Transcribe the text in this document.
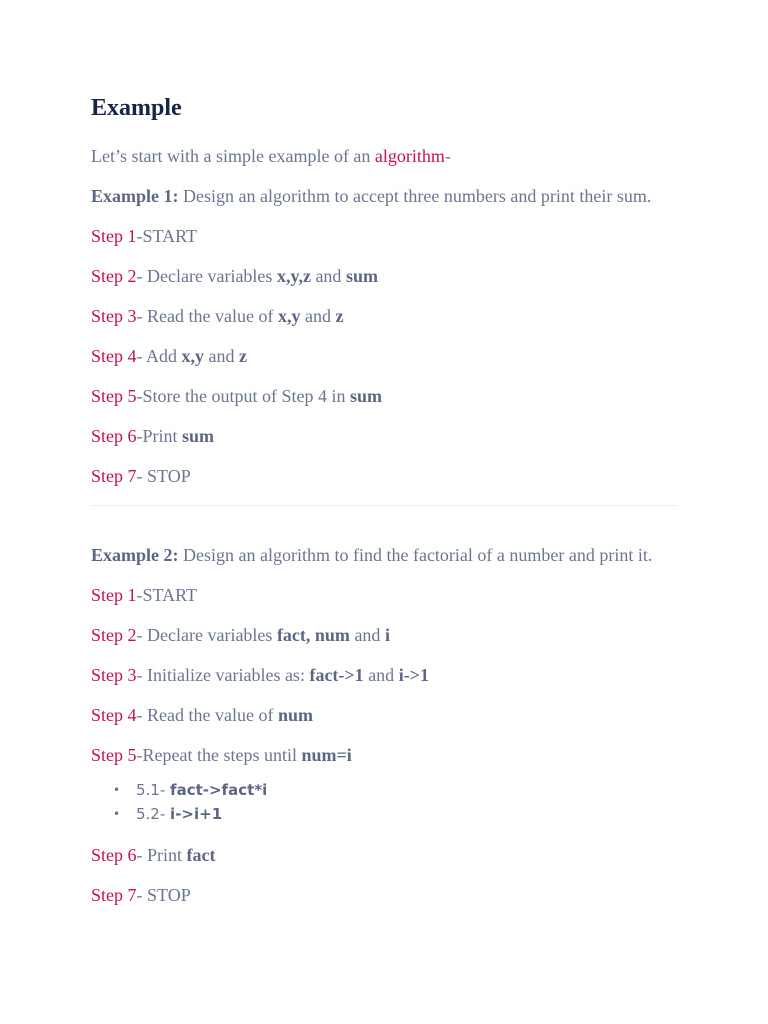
Example

Let’s start with a simple example of an algorithm-

Example 1: Design an algorithm to accept three numbers and print their sum.

Step 1-START

Step 2- Declare variables x,y,z and sum

Step 3- Read the value of x,y and z

Step 4- Add x,y and z

Step 5-Store the output of Step 4 in sum

Step 6-Print sum

Step 7- STOP

Example 2: Design an algorithm to find the factorial of a number and print it.

Step 1-START

Step 2- Declare variables fact, num and i

Step 3- Initialize variables as: fact->1 and i->1

Step 4- Read the value of num

Step 5-Repeat the steps until num=i

• 5.1- fact->fact*i
• 5.2- i->i+1

Step 6- Print fact

Step 7- STOP
